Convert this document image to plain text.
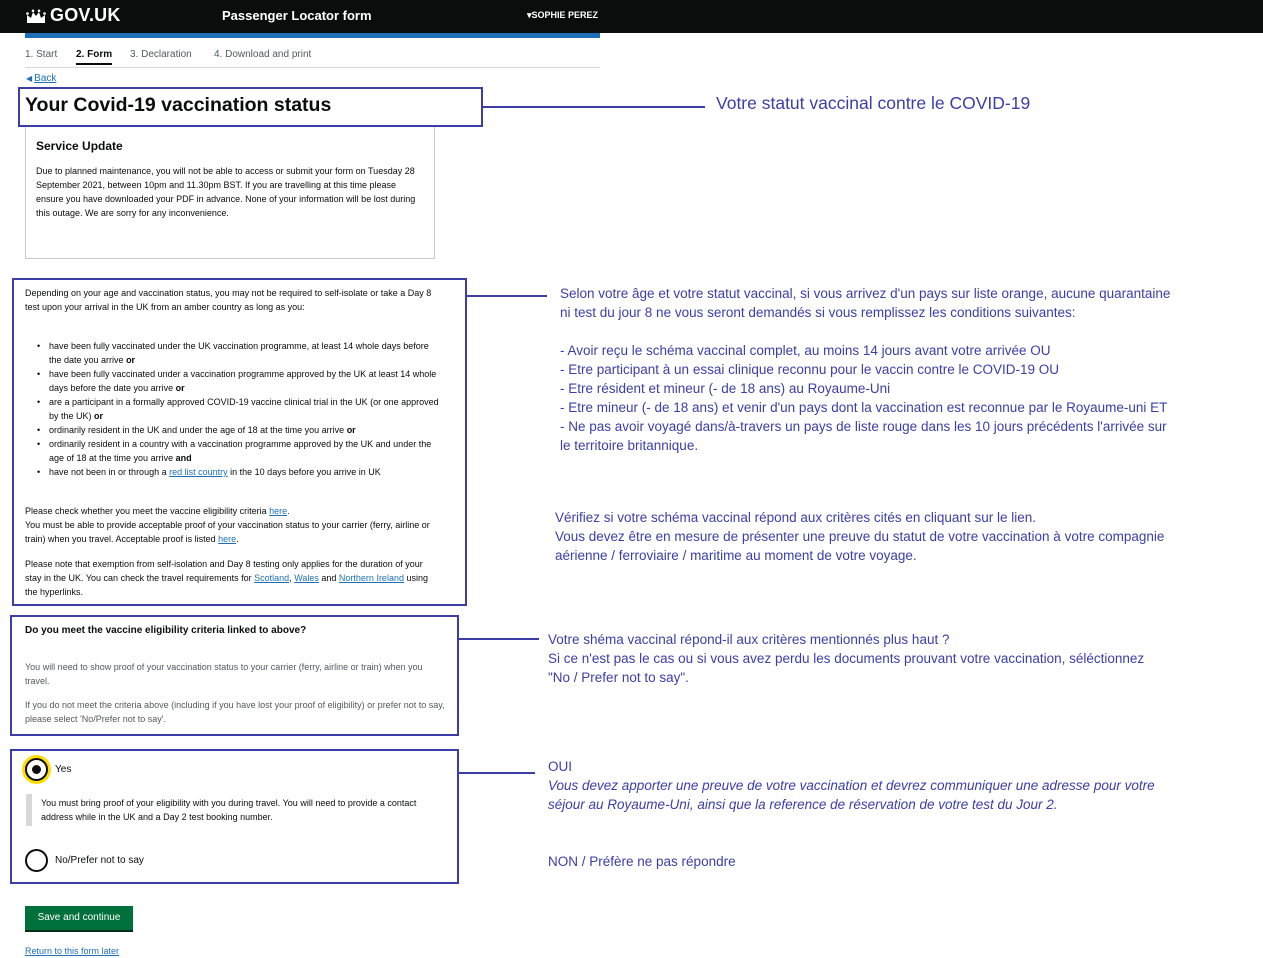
GOV.UK	Passenger Locator form	▾SOPHIE PEREZ
1. Start 2. Form 3. Declaration 4. Download and print
◀ Back
Your Covid-19 vaccination status	Votre statut vaccinal contre le COVID-19
Service Update
Due to planned maintenance, you will not be able to access or submit your form on Tuesday 28 September 2021, between 10pm and 11.30pm BST. If you are travelling at this time please ensure you have downloaded your PDF in advance. None of your information will be lost during this outage. We are sorry for any inconvenience.
Depending on your age and vaccination status, you may not be required to self-isolate or take a Day 8 test upon your arrival in the UK from an amber country as long as you:
• have been fully vaccinated under the UK vaccination programme, at least 14 whole days before the date you arrive or
• have been fully vaccinated under a vaccination programme approved by the UK at least 14 whole days before the date you arrive or
• are a participant in a formally approved COVID-19 vaccine clinical trial in the UK (or one approved by the UK) or
• ordinarily resident in the UK and under the age of 18 at the time you arrive or
• ordinarily resident in a country with a vaccination programme approved by the UK and under the age of 18 at the time you arrive and
• have not been in or through a red list country in the 10 days before you arrive in UK
Please check whether you meet the vaccine eligibility criteria here.
You must be able to provide acceptable proof of your vaccination status to your carrier (ferry, airline or train) when you travel. Acceptable proof is listed here.
Please note that exemption from self-isolation and Day 8 testing only applies for the duration of your stay in the UK. You can check the travel requirements for Scotland, Wales and Northern Ireland using the hyperlinks.
Selon votre âge et votre statut vaccinal, si vous arrivez d'un pays sur liste orange, aucune quarantaine
ni test du jour 8 ne vous seront demandés si vous remplissez les conditions suivantes:
- Avoir reçu le schéma vaccinal complet, au moins 14 jours avant votre arrivée OU
- Etre participant à un essai clinique reconnu pour le vaccin contre le COVID-19 OU
- Etre résident et mineur (- de 18 ans) au Royaume-Uni
- Etre mineur (- de 18 ans) et venir d'un pays dont la vaccination est reconnue par le Royaume-uni ET
- Ne pas avoir voyagé dans/à-travers un pays de liste rouge dans les 10 jours précédents l'arrivée sur
le territoire britannique.
Vérifiez si votre schéma vaccinal répond aux critères cités en cliquant sur le lien.
Vous devez être en mesure de présenter une preuve du statut de votre vaccination à votre compagnie
aérienne / ferroviaire / maritime au moment de votre voyage.
Do you meet the vaccine eligibility criteria linked to above?
You will need to show proof of your vaccination status to your carrier (ferry, airline or train) when you travel.
If you do not meet the criteria above (including if you have lost your proof of eligibility) or prefer not to say, please select 'No/Prefer not to say'.
Votre shéma vaccinal répond-il aux critères mentionnés plus haut ?
Si ce n'est pas le cas ou si vous avez perdu les documents prouvant votre vaccination, séléctionnez
"No / Prefer not to say".
Yes
You must bring proof of your eligibility with you during travel. You will need to provide a contact address while in the UK and a Day 2 test booking number.
No/Prefer not to say
OUI
Vous devez apporter une preuve de votre vaccination et devrez communiquer une adresse pour votre
séjour au Royaume-Uni, ainsi que la reference de réservation de votre test du Jour 2.
NON / Préfère ne pas répondre
Save and continue
Return to this form later
